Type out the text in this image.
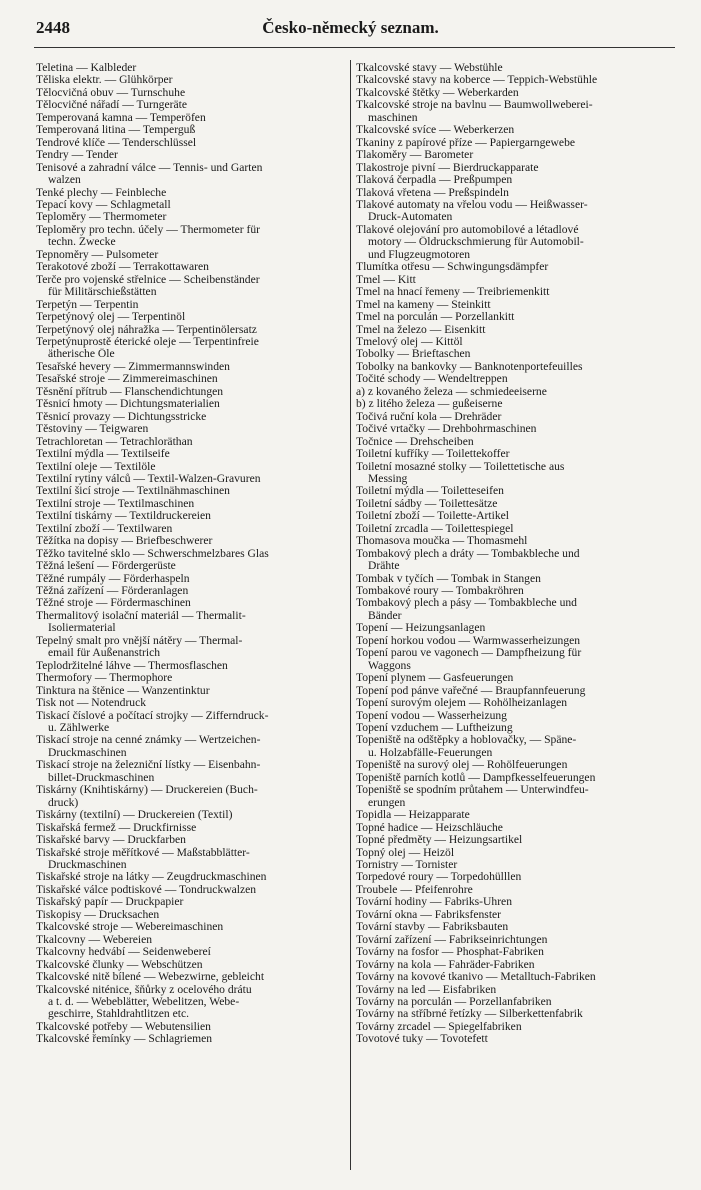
2448	Česko-německý seznam.
Teletina — Kalbleder
Těliska elektr. — Glühkörper
Tělocvičná obuv — Turnschuhe
Tělocvičné nářadí — Turngeräte
Temperovaná kamna — Temperöfen
Temperovaná litina — Temperguß
Tendrové klíče — Tenderschlüssel
Tendry — Tender
Tenisové a zahradní válce — Tennis- und Garten
walzen
Tenké plechy — Feinbleche
Tepací kovy — Schlagmetall
Teploměry — Thermometer
Teploměry pro techn. účely — Thermometer für
techn. Zwecke
Tepnoměry — Pulsometer
Terakotové zboží — Terrakottawaren
Terče pro vojenské střelnice — Scheibenständer
für Militärschießstätten
Terpetýn — Terpentin
Terpetýnový olej — Terpentinöl
Terpetýnový olej náhražka — Terpentinölersatz
Terpetýnuprostě éterické oleje — Terpentinfreie
ätherische Öle
Tesařské hevery — Zimmermannswinden
Tesařské stroje — Zimmereimaschinen
Těsnění přítrub — Flanschendichtungen
Těsnicí hmoty — Dichtungsmaterialien
Těsnicí provazy — Dichtungsstricke
Těstoviny — Teigwaren
Tetrachloretan — Tetrachloräthan
Textilní mýdla — Textilseife
Textilní oleje — Textilöle
Textilní rytiny válců — Textil-Walzen-Gravuren
Textilní šicí stroje — Textilnähmaschinen
Textilní stroje — Textilmaschinen
Textilní tiskárny — Textildruckereien
Textilní zboží — Textilwaren
Těžítka na dopisy — Briefbeschwerer
Těžko tavitelné sklo — Schwerschmelzbares Glas
Těžná lešení — Fördergerüste
Těžné rumpály — Förderhaspeln
Těžná zařízení — Förderanlagen
Těžné stroje — Fördermaschinen
Thermalitový isolační materiál — Thermalit-
Isoliermaterial
Tepelný smalt pro vnější nátěry — Thermal-
email für Außenanstrich
Teplodržitelné láhve — Thermosflaschen
Thermofory — Thermophore
Tinktura na štěnice — Wanzentinktur
Tisk not — Notendruck
Tiskací číslové a počítací strojky — Zifferndruck-
u. Zählwerke
Tiskací stroje na cenné známky — Wertzeichen-
Druckmaschinen
Tiskací stroje na železniční lístky — Eisenbahn-
billet-Druckmaschinen
Tiskárny (Knihtiskárny) — Druckereien (Buch-
druck)
Tiskárny (textilní) — Druckereien (Textil)
Tiskařská fermež — Druckfirnisse
Tiskařské barvy — Druckfarben
Tiskařské stroje měřítkové — Maßstabblätter-
Druckmaschinen
Tiskařské stroje na látky — Zeugdruckmaschinen
Tiskařské válce podtiskové — Tondruckwalzen
Tiskařský papír — Druckpapier
Tiskopisy — Drucksachen
Tkalcovské stroje — Webereimaschinen
Tkalcovny — Webereien
Tkalcovny hedvábí — Seidenwebereí
Tkalcovské člunky — Webschützen
Tkalcovské nitě bílené — Webezwirne, gebleicht
Tkalcovské niténice, šňůrky z ocelového drátu
a t. d. — Webeblätter, Webelitzen, Webe-
geschirre, Stahldrahtlitzen etc.
Tkalcovské potřeby — Webutensilien
Tkalcovské řemínky — Schlagriemen
Tkalcovské stavy — Webstühle
Tkalcovské stavy na koberce — Teppich-Webstühle
Tkalcovské štětky — Weberkarden
Tkalcovské stroje na bavlnu — Baumwollweberei-
maschinen
Tkalcovské svíce — Weberkerzen
Tkaniny z papírové příze — Papiergarngewebe
Tlakoměry — Barometer
Tlakostroje pivní — Bierdruckapparate
Tlaková čerpadla — Preßpumpen
Tlaková vřetena — Preßspindeln
Tlakové automaty na vřelou vodu — Heißwasser-
Druck-Automaten
Tlakové olejování pro automobilové a létadlové
motory — Öldruckschmierung für Automobil-
und Flugzeugmotoren
Tlumítka otřesu — Schwingungsdämpfer
Tmel — Kitt
Tmel na hnací řemeny — Treibriemenkitt
Tmel na kameny — Steinkitt
Tmel na porculán — Porzellankitt
Tmel na železo — Eisenkitt
Tmelový olej — Kittöl
Tobolky — Brieftaschen
Tobolky na bankovky — Banknotenportefeuilles
Točité schody — Wendeltreppen
a) z kovaného železa — schmiedeeiserne
b) z litého železa — gußeiserne
Točivá ruční kola — Drehräder
Točivé vrtačky — Drehbohrmaschinen
Točnice — Drehscheiben
Toiletní kufříky — Toilettekoffer
Toiletní mosazné stolky — Toilettetische aus
Messing
Toiletní mýdla — Toiletteseifen
Toiletní sádby — Toilettesätze
Toiletní zboží — Toilette-Artikel
Toiletní zrcadla — Toilettespiegel
Thomasova moučka — Thomasmehl
Tombakový plech a dráty — Tombakbleche und
Drähte
Tombak v tyčích — Tombak in Stangen
Tombakové roury — Tombakröhren
Tombakový plech a pásy — Tombakbleche und
Bänder
Topení — Heizungsanlagen
Topení horkou vodou — Warmwasserheizungen
Topení parou ve vagonech — Dampfheizung für
Waggons
Topení plynem — Gasfeuerungen
Topení pod pánve vařečné — Braupfannfeuerung
Topení surovým olejem — Rohölheizanlagen
Topení vodou — Wasserheizung
Topení vzduchem — Luftheizung
Topeniště na odštěpky a hoblovačky, — Späne-
u. Holzabfälle-Feuerungen
Topeniště na surový olej — Rohölfeuerungen
Topeniště parních kotlů — Dampfkesselfeuerungen
Topeniště se spodním průtahem — Unterwindfeu-
erungen
Topidla — Heizapparate
Topné hadice — Heizschläuche
Topné předměty — Heizungsartikel
Topný olej — Heizöl
Tornistry — Tornister
Torpedové roury — Torpedohülllen
Troubele — Pfeifenrohre
Tovární hodiny — Fabriks-Uhren
Tovární okna — Fabriksfenster
Tovární stavby — Fabriksbauten
Tovární zařízení — Fabrikseinrichtungen
Továrny na fosfor — Phosphat-Fabriken
Továrny na kola — Fahräder-Fabriken
Továrny na kovové tkanivo — Metalltuch-Fabriken
Továrny na led — Eisfabriken
Továrny na porculán — Porzellanfabriken
Továrny na stříbrné řetízky — Silberkettenfabrik
Továrny zrcadel — Spiegelfabriken
Tovotové tuky — Tovotefett
